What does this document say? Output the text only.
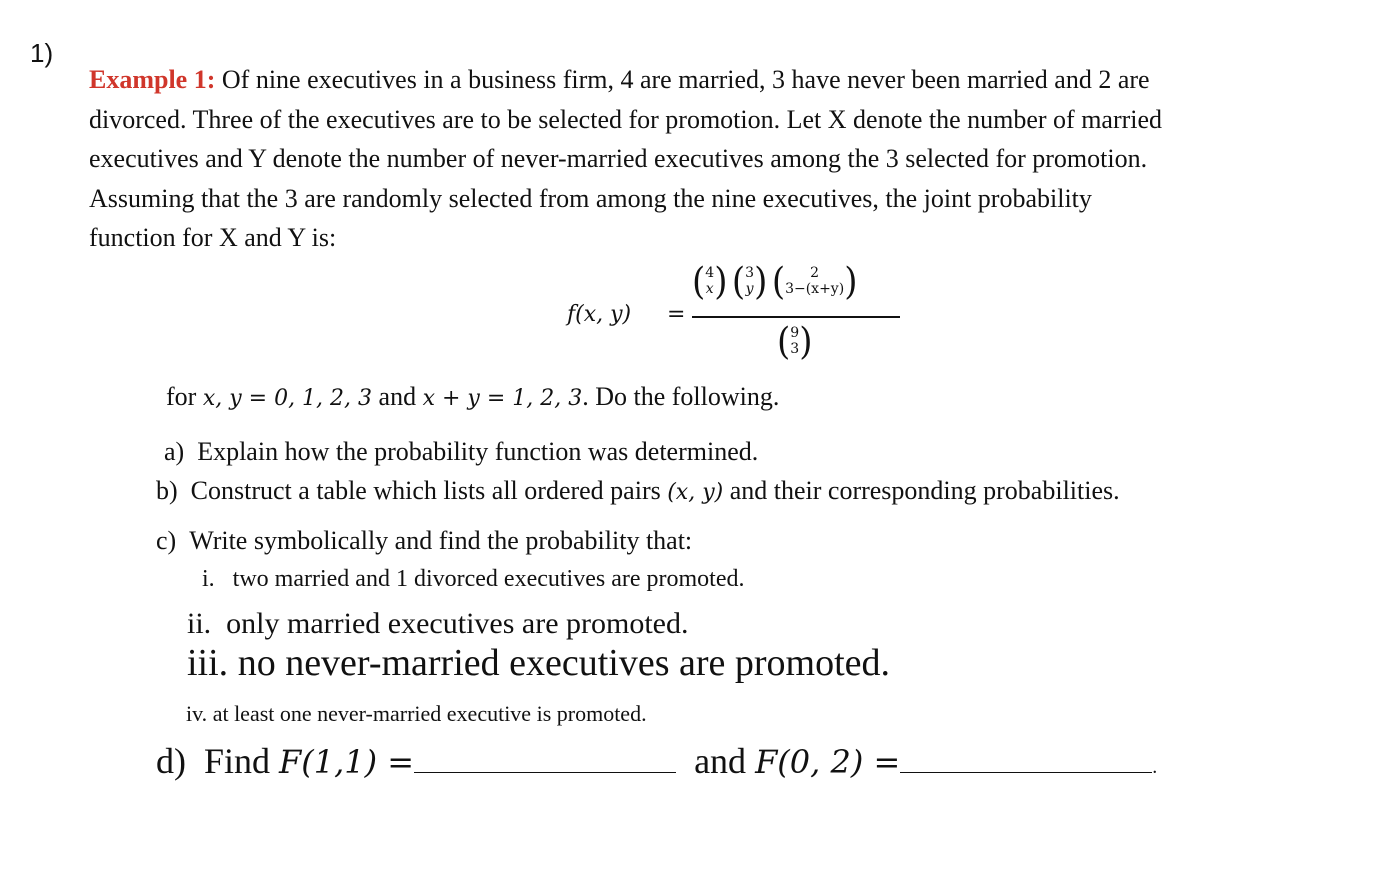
1)
Example 1: Of nine executives in a business firm, 4 are married, 3 have never been married and 2 are
divorced. Three of the executives are to be selected for promotion. Let X denote the number of married
executives and Y denote the number of never-married executives among the 3 selected for promotion.
Assuming that the 3 are randomly selected from among the nine executives, the joint probability
function for X and Y is:
f(x, y) =
(4
x) (3
y) ( 2
3−(x+y))
(9
3)
for x, y = 0, 1, 2, 3 and x + y = 1, 2, 3. Do the following.
a) Explain how the probability function was determined.
b) Construct a table which lists all ordered pairs (x, y) and their corresponding probabilities.
c) Write symbolically and find the probability that:
i. two married and 1 divorced executives are promoted.
ii. only married executives are promoted.
iii. no never-married executives are promoted.
iv. at least one never-married executive is promoted.
d) Find F(1,1) =	and F(0, 2) =	.
